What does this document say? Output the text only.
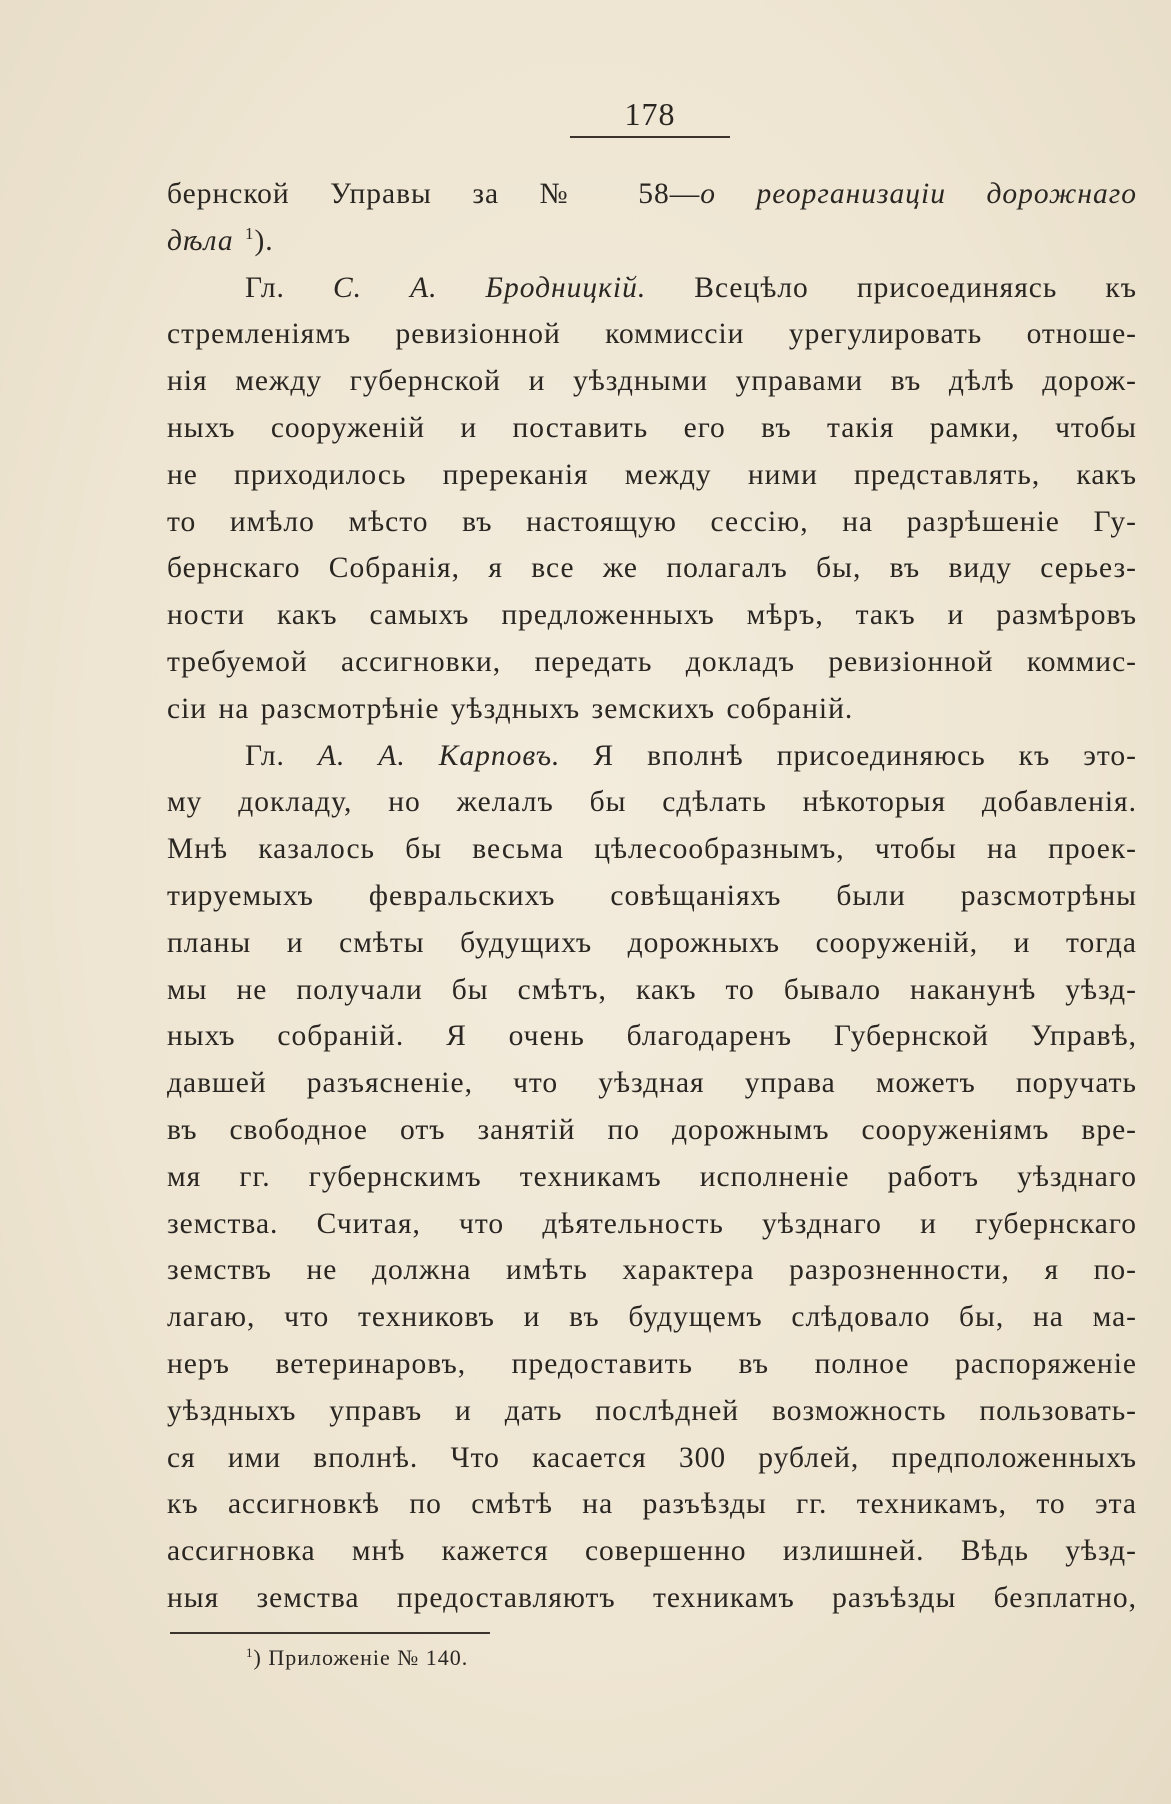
178
бернской Управы за № 58—о реорганизаціи дорожнаго
дѣла $^1$).
Гл. С. А. Бродницкій. Всецѣло присоединяясь къ
стремленіямъ ревизіонной коммиссіи урегулировать отноше-
нія между губернской и уѣздными управами въ дѣлѣ дорож-
ныхъ сооруженій и поставить его въ такія рамки, чтобы
не приходилось пререканія между ними представлять, какъ
то имѣло мѣсто въ настоящую сессію, на разрѣшеніе Гу-
бернскаго Собранія, я все же полагалъ бы, въ виду серьез-
ности какъ самыхъ предложенныхъ мѣръ, такъ и размѣровъ
требуемой ассигновки, передать докладъ ревизіонной коммис-
сіи на разсмотрѣніе уѣздныхъ земскихъ собраній.
Гл. А. А. Карповъ. Я вполнѣ присоединяюсь къ это-
му докладу, но желалъ бы сдѣлать нѣкоторыя добавленія.
Мнѣ казалось бы весьма цѣлесообразнымъ, чтобы на проек-
тируемыхъ февральскихъ совѣщаніяхъ были разсмотрѣны
планы и смѣты будущихъ дорожныхъ сооруженій, и тогда
мы не получали бы смѣтъ, какъ то бывало наканунѣ уѣзд-
ныхъ собраній. Я очень благодаренъ Губернской Управѣ,
давшей разъясненіе, что уѣздная управа можетъ поручать
въ свободное отъ занятій по дорожнымъ сооруженіямъ вре-
мя гг. губернскимъ техникамъ исполненіе работъ уѣзднаго
земства. Считая, что дѣятельность уѣзднаго и губернскаго
земствъ не должна имѣть характера разрозненности, я по-
лагаю, что техниковъ и въ будущемъ слѣдовало бы, на ма-
неръ ветеринаровъ, предоставить въ полное распоряженіе
уѣздныхъ управъ и дать послѣдней возможность пользовать-
ся ими вполнѣ. Что касается 300 рублей, предположенныхъ
къ ассигновкѣ по смѣтѣ на разъѣзды гг. техникамъ, то эта
ассигновка мнѣ кажется совершенно излишней. Вѣдь уѣзд-
ныя земства предоставляютъ техникамъ разъѣзды безплатно,
$^1$) Приложеніе № 140.
